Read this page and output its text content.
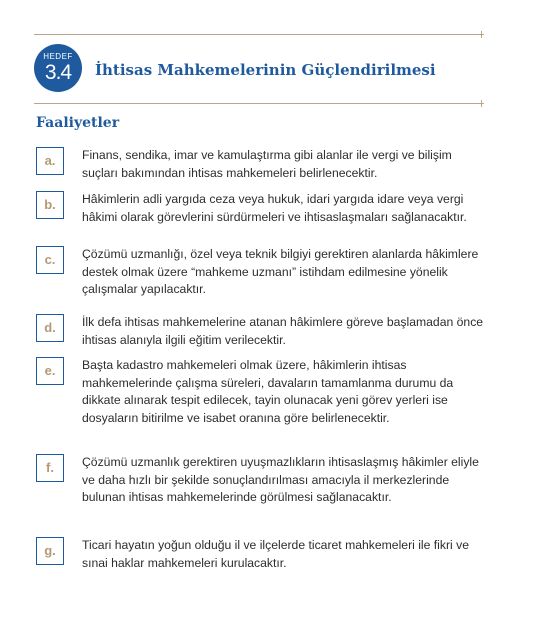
HEDEF
3.4	İhtisas Mahkemelerinin Güçlendirilmesi
Faaliyetler
a.	Finans, sendika, imar ve kamulaştırma gibi alanlar ile vergi ve bilişim suçları bakımından ihtisas mahkemeleri belirlenecektir.
b.	Hâkimlerin adli yargıda ceza veya hukuk, idari yargıda idare veya vergi hâkimi olarak görevlerini sürdürmeleri ve ihtisaslaşmaları sağlanacaktır.
c.	Çözümü uzmanlığı, özel veya teknik bilgiyi gerektiren alanlarda hâkimlere destek olmak üzere “mahkeme uzmanı” istihdam edilmesine yönelik çalışmalar yapılacaktır.
d.	İlk defa ihtisas mahkemelerine atanan hâkimlere göreve başlamadan önce ihtisas alanıyla ilgili eğitim verilecektir.
e.	Başta kadastro mahkemeleri olmak üzere, hâkimlerin ihtisas mahkemelerinde çalışma süreleri, davaların tamamlanma durumu da dikkate alınarak tespit edilecek, tayin olunacak yeni görev yerleri ise dosyaların bitirilme ve isabet oranına göre belirlenecektir.
f.	Çözümü uzmanlık gerektiren uyuşmazlıkların ihtisaslaşmış hâkimler eliyle ve daha hızlı bir şekilde sonuçlandırılması amacıyla il merkezlerinde bulunan ihtisas mahkemelerinde görülmesi sağlanacaktır.
g.	Ticari hayatın yoğun olduğu il ve ilçelerde ticaret mahkemeleri ile fikri ve sınai haklar mahkemeleri kurulacaktır.
